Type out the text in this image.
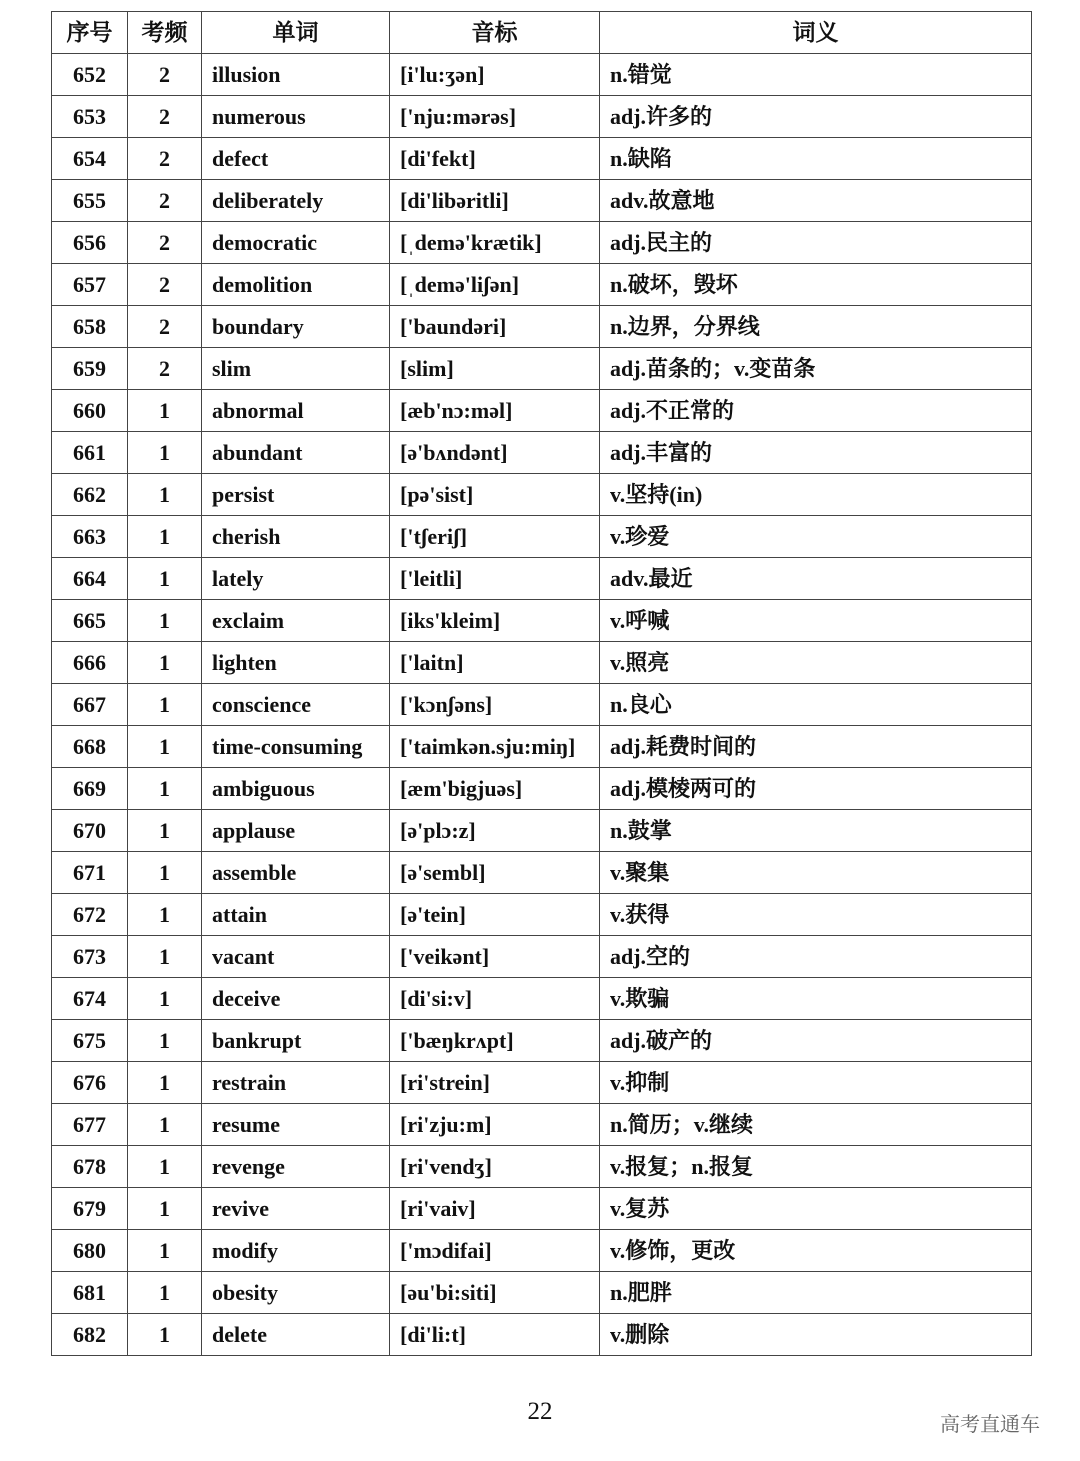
序号	考频	单词	音标	词义
652	2	illusion	[i'lu:ʒən]	n.错觉
653	2	numerous	['nju:mərəs]	adj.许多的
654	2	defect	[di'fekt]	n.缺陷
655	2	deliberately	[di'libəritli]	adv.故意地
656	2	democratic	[ˌdemə'krætik]	adj.民主的
657	2	demolition	[ˌdemə'liʃən]	n.破坏，毁坏
658	2	boundary	['baundəri]	n.边界，分界线
659	2	slim	[slim]	adj.苗条的；v.变苗条
660	1	abnormal	[æb'nɔ:məl]	adj.不正常的
661	1	abundant	[ə'bʌndənt]	adj.丰富的
662	1	persist	[pə'sist]	v.坚持(in)
663	1	cherish	['tʃeriʃ]	v.珍爱
664	1	lately	['leitli]	adv.最近
665	1	exclaim	[iks'kleim]	v.呼喊
666	1	lighten	['laitn]	v.照亮
667	1	conscience	['kɔnʃəns]	n.良心
668	1	time-consuming	['taimkən.sju:miŋ]	adj.耗费时间的
669	1	ambiguous	[æm'bigjuəs]	adj.模棱两可的
670	1	applause	[ə'plɔ:z]	n.鼓掌
671	1	assemble	[ə'sembl]	v.聚集
672	1	attain	[ə'tein]	v.获得
673	1	vacant	['veikənt]	adj.空的
674	1	deceive	[di'si:v]	v.欺骗
675	1	bankrupt	['bæŋkrʌpt]	adj.破产的
676	1	restrain	[ri'strein]	v.抑制
677	1	resume	[ri'zju:m]	n.简历；v.继续
678	1	revenge	[ri'vendʒ]	v.报复；n.报复
679	1	revive	[ri'vaiv]	v.复苏
680	1	modify	['mɔdifai]	v.修饰，更改
681	1	obesity	[əu'bi:siti]	n.肥胖
682	1	delete	[di'li:t]	v.删除
22	高考直通车
